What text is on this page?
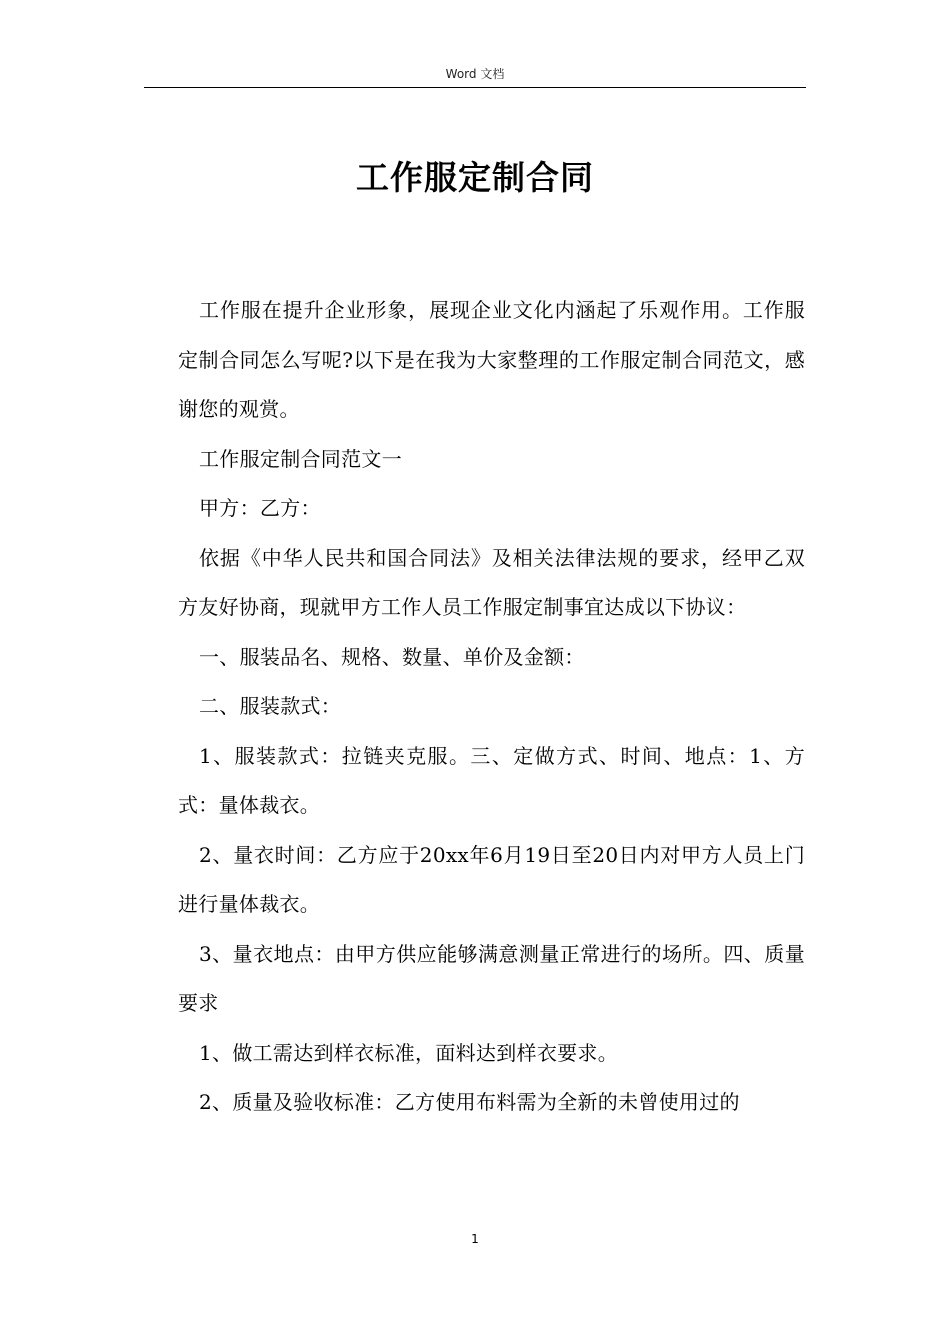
Word 文档
工作服定制合同

工作服在提升企业形象，展现企业文化内涵起了乐观作用。工作服定制合同怎么写呢?以下是在我为大家整理的工作服定制合同范文，感谢您的观赏。

工作服定制合同范文一

甲方：乙方：

依据《中华人民共和国合同法》及相关法律法规的要求，经甲乙双方友好协商，现就甲方工作人员工作服定制事宜达成以下协议：

一、服装品名、规格、数量、单价及金额：

二、服装款式：

1、服装款式：拉链夹克服。三、定做方式、时间、地点：1、方式：量体裁衣。

2、量衣时间：乙方应于20xx年6月19日至20日内对甲方人员上门进行量体裁衣。

3、量衣地点：由甲方供应能够满意测量正常进行的场所。四、质量要求

1、做工需达到样衣标准，面料达到样衣要求。

2、质量及验收标准：乙方使用布料需为全新的未曾使用过的

1
